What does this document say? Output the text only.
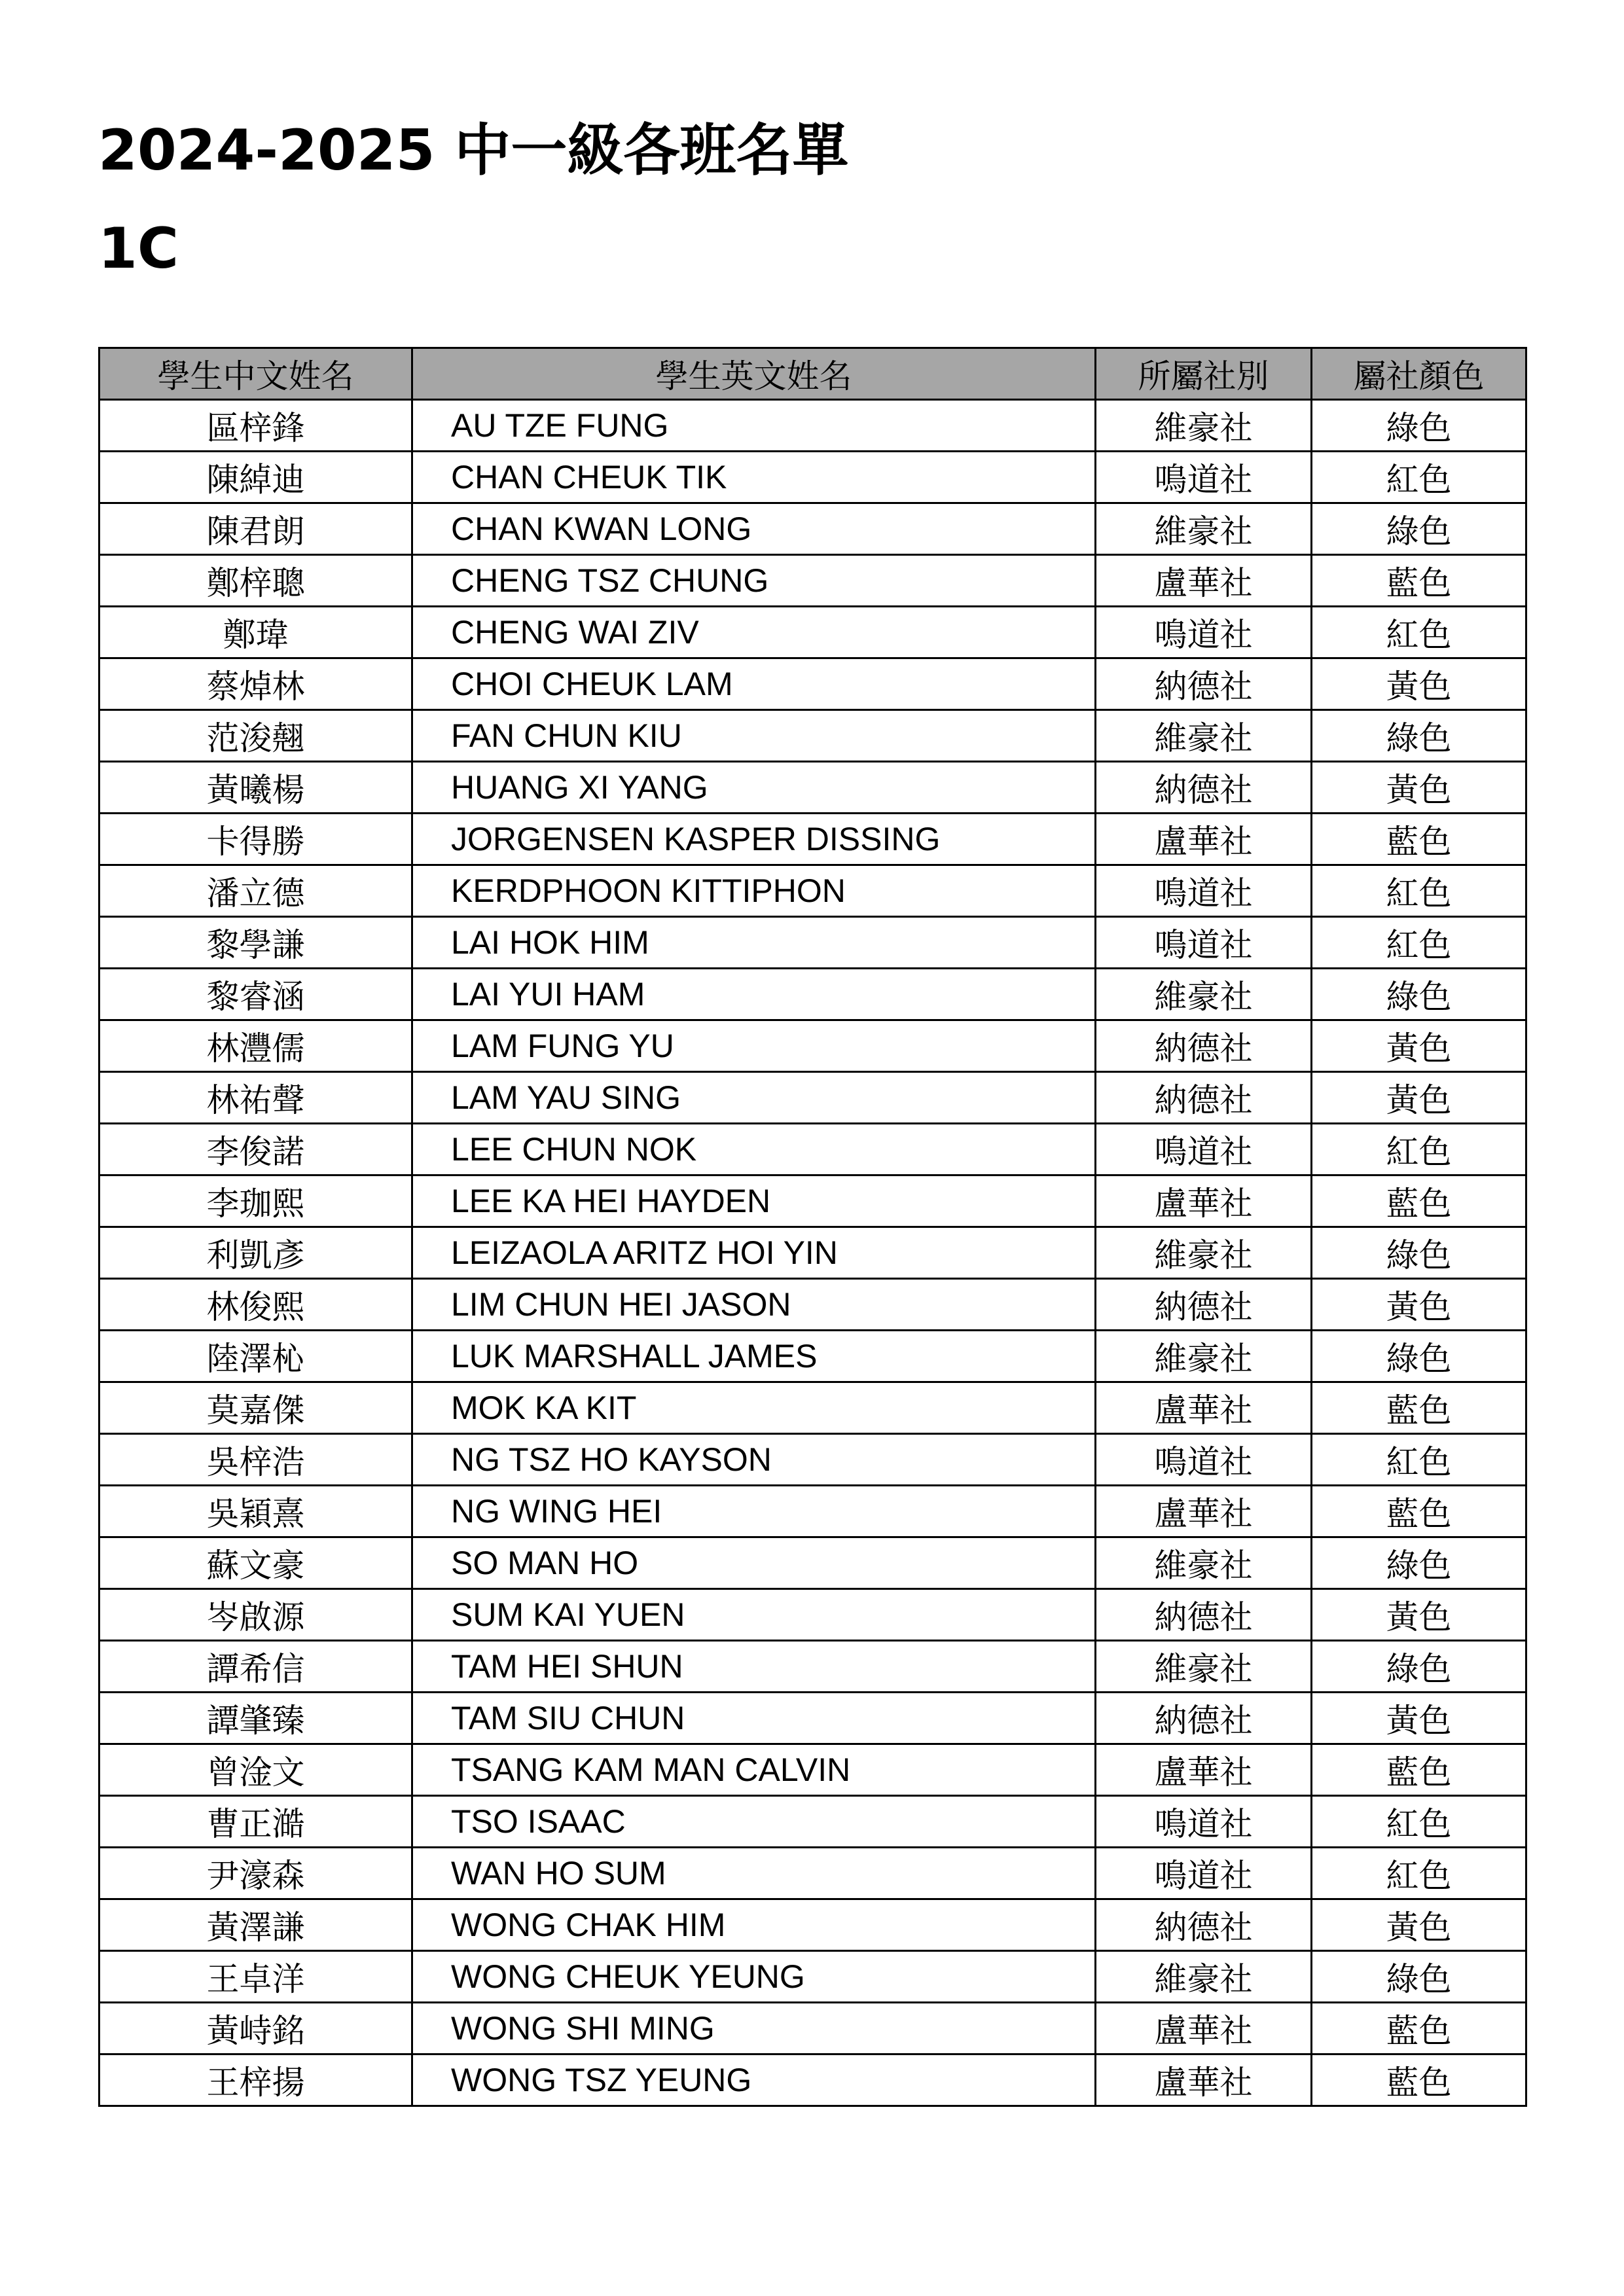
2024-2025 中一級各班名單
1C
學生中文姓名	學生英文姓名	所屬社別	屬社顏色
區梓鋒	AU TZE FUNG	維豪社	綠色
陳綽迪	CHAN CHEUK TIK	鳴道社	紅色
陳君朗	CHAN KWAN LONG	維豪社	綠色
鄭梓聰	CHENG TSZ CHUNG	盧華社	藍色
鄭瑋	CHENG WAI ZIV	鳴道社	紅色
蔡焯林	CHOI CHEUK LAM	納德社	黃色
范浚翹	FAN CHUN KIU	維豪社	綠色
黃曦楊	HUANG XI YANG	納德社	黃色
卡得勝	JORGENSEN KASPER DISSING	盧華社	藍色
潘立德	KERDPHOON KITTIPHON	鳴道社	紅色
黎學謙	LAI HOK HIM	鳴道社	紅色
黎睿涵	LAI YUI HAM	維豪社	綠色
林灃儒	LAM FUNG YU	納德社	黃色
林祐聲	LAM YAU SING	納德社	黃色
李俊諾	LEE CHUN NOK	鳴道社	紅色
李珈熙	LEE KA HEI HAYDEN	盧華社	藍色
利凱彥	LEIZAOLA ARITZ HOI YIN	維豪社	綠色
林俊熙	LIM CHUN HEI JASON	納德社	黃色
陸澤杺	LUK MARSHALL JAMES	維豪社	綠色
莫嘉傑	MOK KA KIT	盧華社	藍色
吳梓浩	NG TSZ HO KAYSON	鳴道社	紅色
吳穎熹	NG WING HEI	盧華社	藍色
蘇文豪	SO MAN HO	維豪社	綠色
岑啟源	SUM KAI YUEN	納德社	黃色
譚希信	TAM HEI SHUN	維豪社	綠色
譚肇臻	TAM SIU CHUN	納德社	黃色
曾淦文	TSANG KAM MAN CALVIN	盧華社	藍色
曹正澔	TSO ISAAC	鳴道社	紅色
尹濠森	WAN HO SUM	鳴道社	紅色
黃澤謙	WONG CHAK HIM	納德社	黃色
王卓洋	WONG CHEUK YEUNG	維豪社	綠色
黃峙銘	WONG SHI MING	盧華社	藍色
王梓揚	WONG TSZ YEUNG	盧華社	藍色
